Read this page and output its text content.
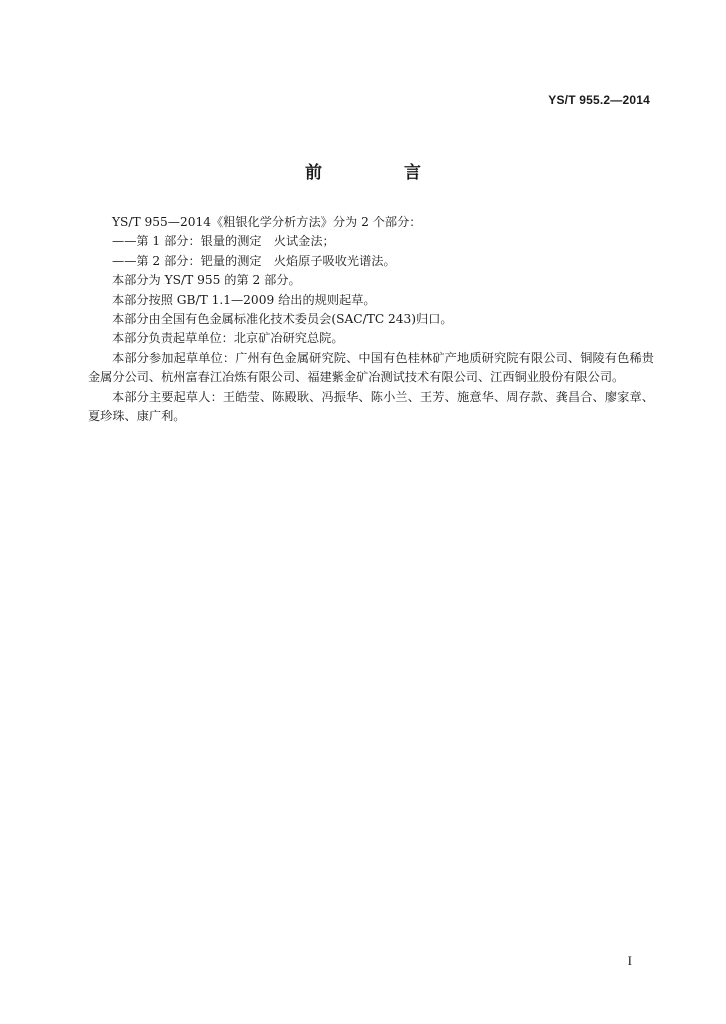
YS/T 955.2—2014
前 言

YS/T 955—2014《粗银化学分析方法》分为 2 个部分：

——第 1 部分：银量的测定　火试金法；

——第 2 部分：钯量的测定　火焰原子吸收光谱法。

本部分为 YS/T 955 的第 2 部分。

本部分按照 GB/T 1.1—2009 给出的规则起草。

本部分由全国有色金属标准化技术委员会(SAC/TC 243)归口。

本部分负责起草单位：北京矿冶研究总院。

本部分参加起草单位：广州有色金属研究院、中国有色桂林矿产地质研究院有限公司、铜陵有色稀贵金属分公司、杭州富春江冶炼有限公司、福建紫金矿冶测试技术有限公司、江西铜业股份有限公司。

本部分主要起草人：王皓莹、陈殿耿、冯振华、陈小兰、王芳、施意华、周存款、龚昌合、廖家章、夏珍珠、康广利。

I
